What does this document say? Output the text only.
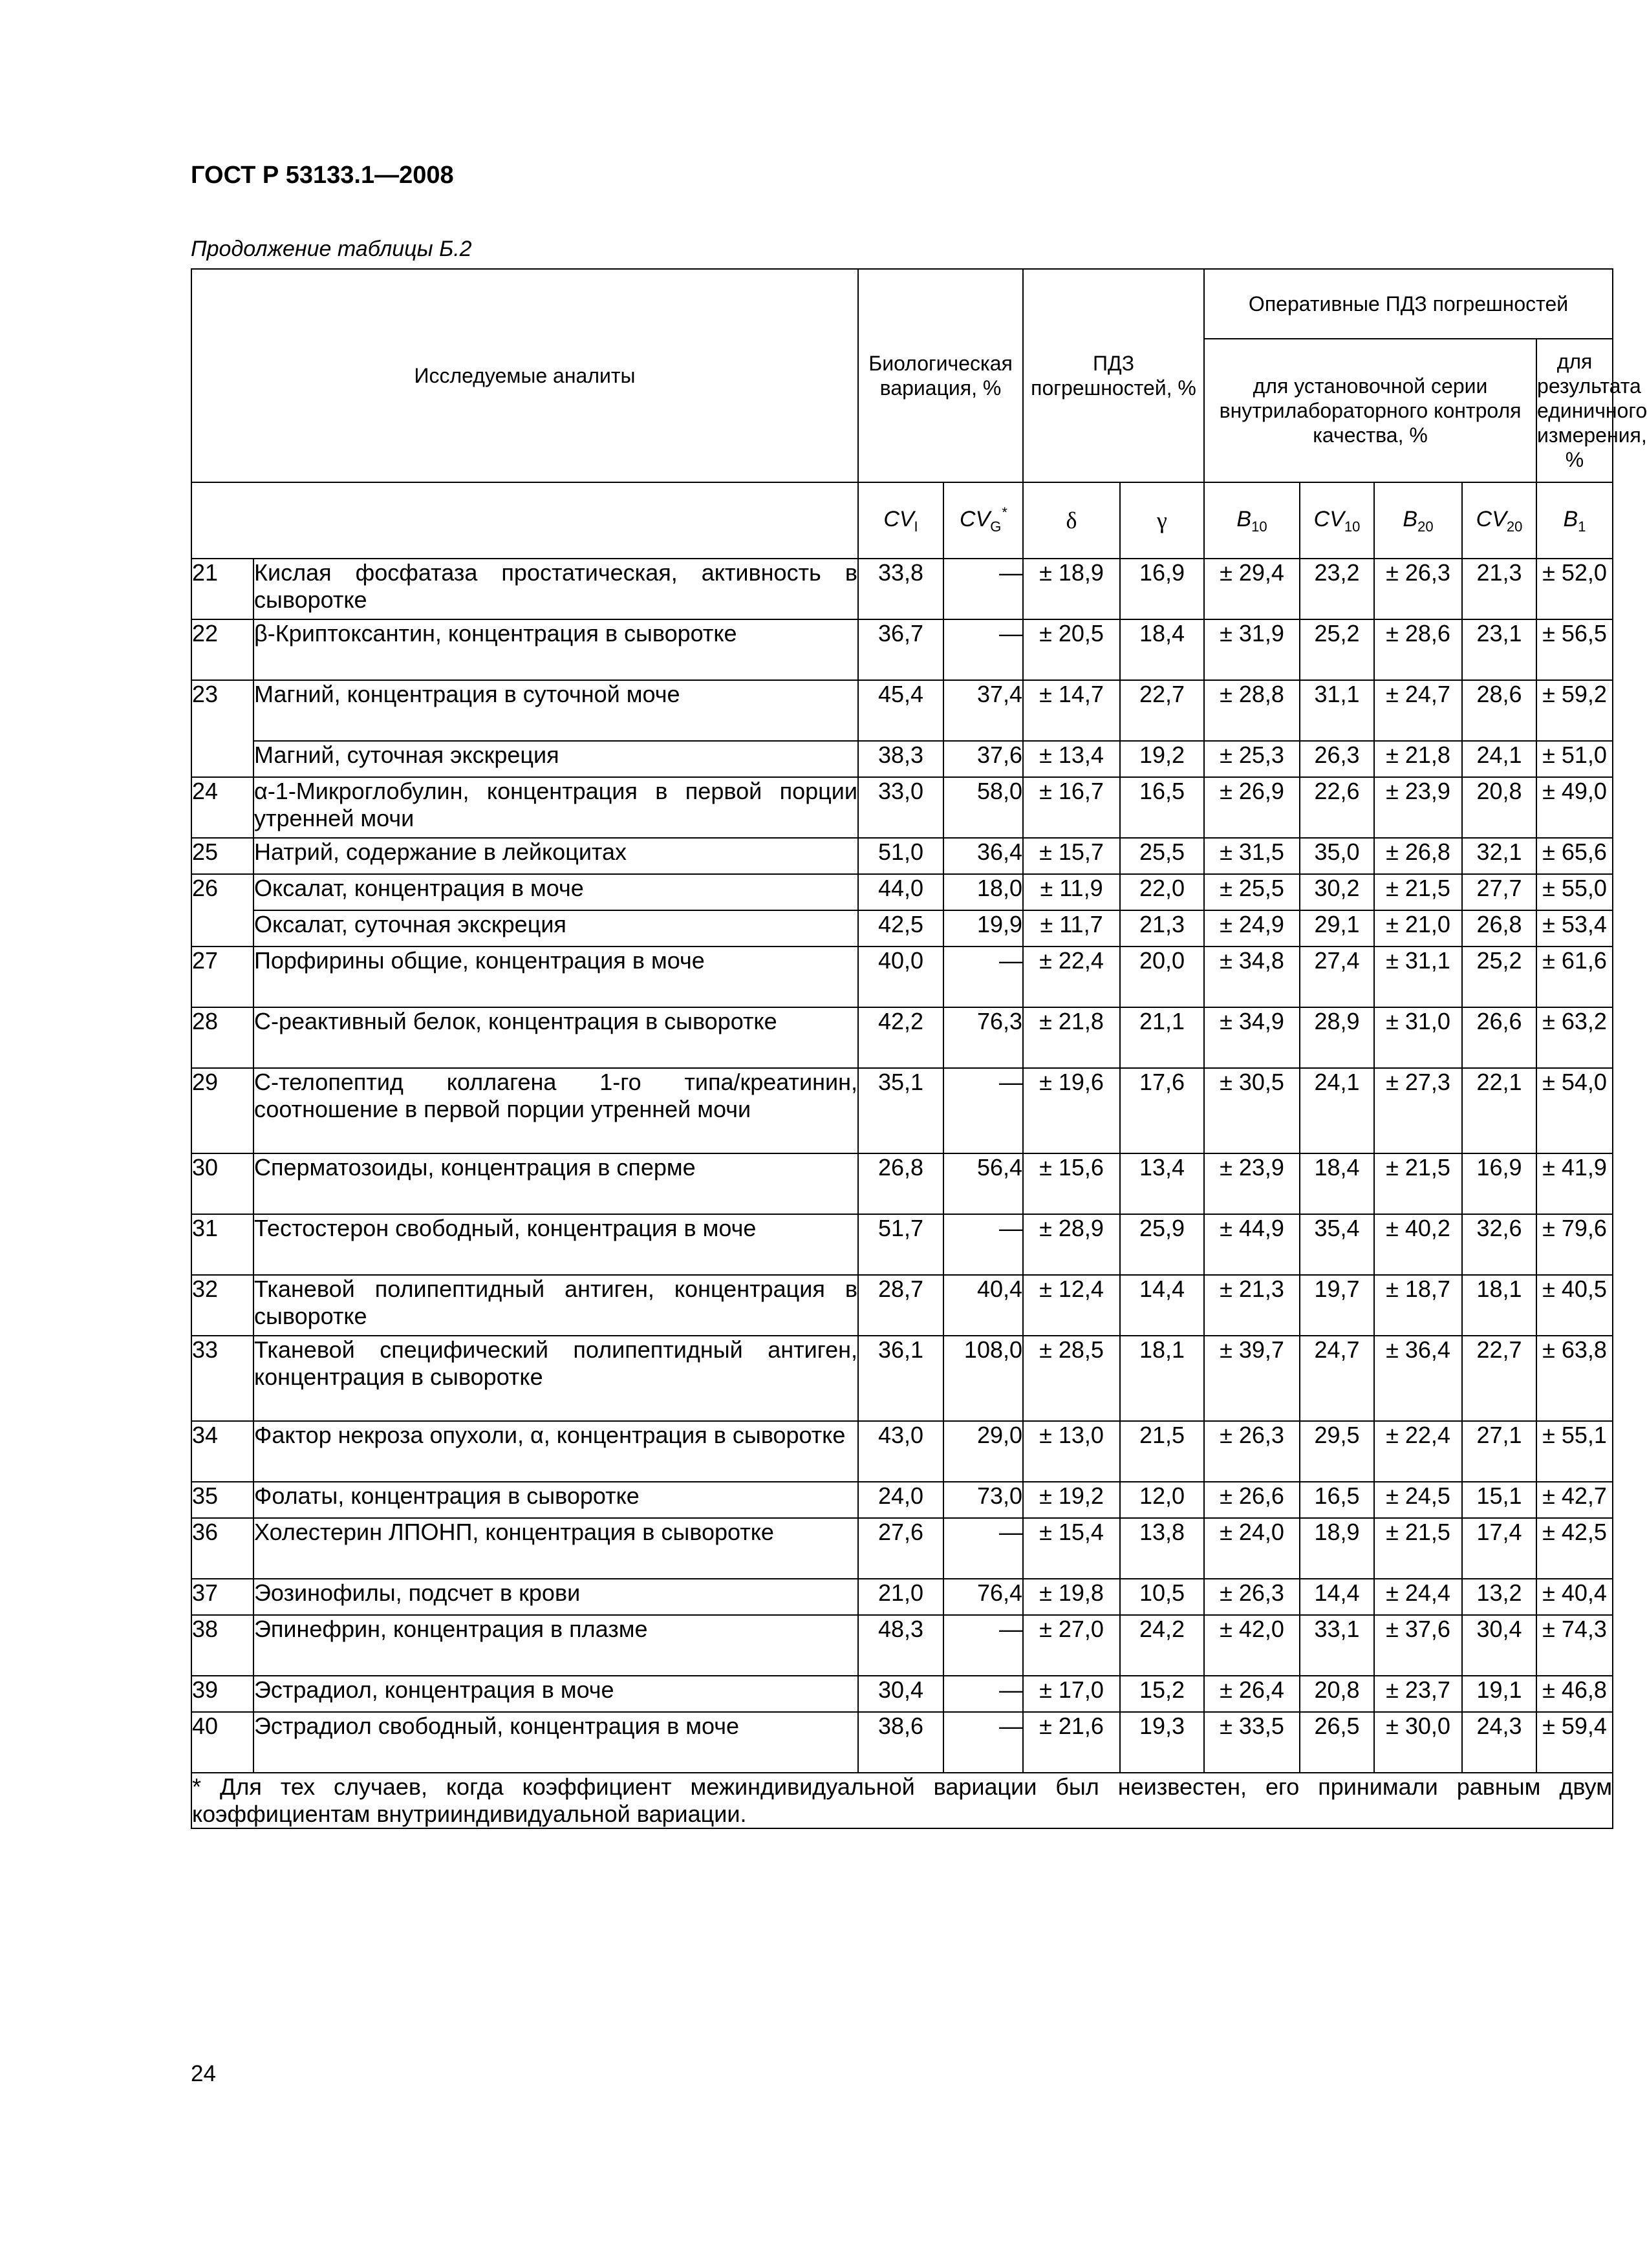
ГОСТ Р 53133.1—2008
Продолжение таблицы Б.2
Исследуемые аналиты		Биологическая вариация, %		ПДЗ погрешностей, %		Оперативные ПДЗ погрешностей				
						для установочной серии внутрилабораторного контроля качества, %				для результата единичного измерения, %

		$CV_I$	$CV_G^*$	δ	γ	$B_{10}$	$CV_{10}$	$B_{20}$	$CV_{20}$	$B_1$
21	Кислая фосфатаза простатическая, активность в сыворотке	33,8	—	± 18,9	16,9	± 29,4	23,2	± 26,3	21,3	± 52,0
22	β-Криптоксантин, концентрация в сыворотке	36,7	—	± 20,5	18,4	± 31,9	25,2	± 28,6	23,1	± 56,5
23	Магний, концентрация в суточной моче	45,4	37,4	± 14,7	22,7	± 28,8	31,1	± 24,7	28,6	± 59,2
	Магний, суточная экскреция	38,3	37,6	± 13,4	19,2	± 25,3	26,3	± 21,8	24,1	± 51,0
24	α-1-Микроглобулин, концентрация в первой порции утренней мочи	33,0	58,0	± 16,7	16,5	± 26,9	22,6	± 23,9	20,8	± 49,0
25	Натрий, содержание в лейкоцитах	51,0	36,4	± 15,7	25,5	± 31,5	35,0	± 26,8	32,1	± 65,6
26	Оксалат, концентрация в моче	44,0	18,0	± 11,9	22,0	± 25,5	30,2	± 21,5	27,7	± 55,0
	Оксалат, суточная экскреция	42,5	19,9	± 11,7	21,3	± 24,9	29,1	± 21,0	26,8	± 53,4
27	Порфирины общие, концентрация в моче	40,0	—	± 22,4	20,0	± 34,8	27,4	± 31,1	25,2	± 61,6
28	С-реактивный белок, концентрация в сыворотке	42,2	76,3	± 21,8	21,1	± 34,9	28,9	± 31,0	26,6	± 63,2
29	С-телопептид коллагена 1-го типа/креатинин, соотношение в первой порции утренней мочи	35,1	—	± 19,6	17,6	± 30,5	24,1	± 27,3	22,1	± 54,0
30	Сперматозоиды, концентрация в сперме	26,8	56,4	± 15,6	13,4	± 23,9	18,4	± 21,5	16,9	± 41,9
31	Тестостерон свободный, концентрация в моче	51,7	—	± 28,9	25,9	± 44,9	35,4	± 40,2	32,6	± 79,6
32	Тканевой полипептидный антиген, концентрация в сыворотке	28,7	40,4	± 12,4	14,4	± 21,3	19,7	± 18,7	18,1	± 40,5
33	Тканевой специфический полипептидный антиген, концентрация в сыворотке	36,1	108,0	± 28,5	18,1	± 39,7	24,7	± 36,4	22,7	± 63,8
34	Фактор некроза опухоли, α, концентрация в сыворотке	43,0	29,0	± 13,0	21,5	± 26,3	29,5	± 22,4	27,1	± 55,1
35	Фолаты, концентрация в сыворотке	24,0	73,0	± 19,2	12,0	± 26,6	16,5	± 24,5	15,1	± 42,7
36	Холестерин ЛПОНП, концентрация в сыворотке	27,6	—	± 15,4	13,8	± 24,0	18,9	± 21,5	17,4	± 42,5
37	Эозинофилы, подсчет в крови	21,0	76,4	± 19,8	10,5	± 26,3	14,4	± 24,4	13,2	± 40,4
38	Эпинефрин, концентрация в плазме	48,3	—	± 27,0	24,2	± 42,0	33,1	± 37,6	30,4	± 74,3
39	Эстрадиол, концентрация в моче	30,4	—	± 17,0	15,2	± 26,4	20,8	± 23,7	19,1	± 46,8
40	Эстрадиол свободный, концентрация в моче	38,6	—	± 21,6	19,3	± 33,5	26,5	± 30,0	24,3	± 59,4
* Для тех случаев, когда коэффициент межиндивидуальной вариации был неизвестен, его принимали равным двум коэффициентам внутрииндивидуальной вариации.										
24
